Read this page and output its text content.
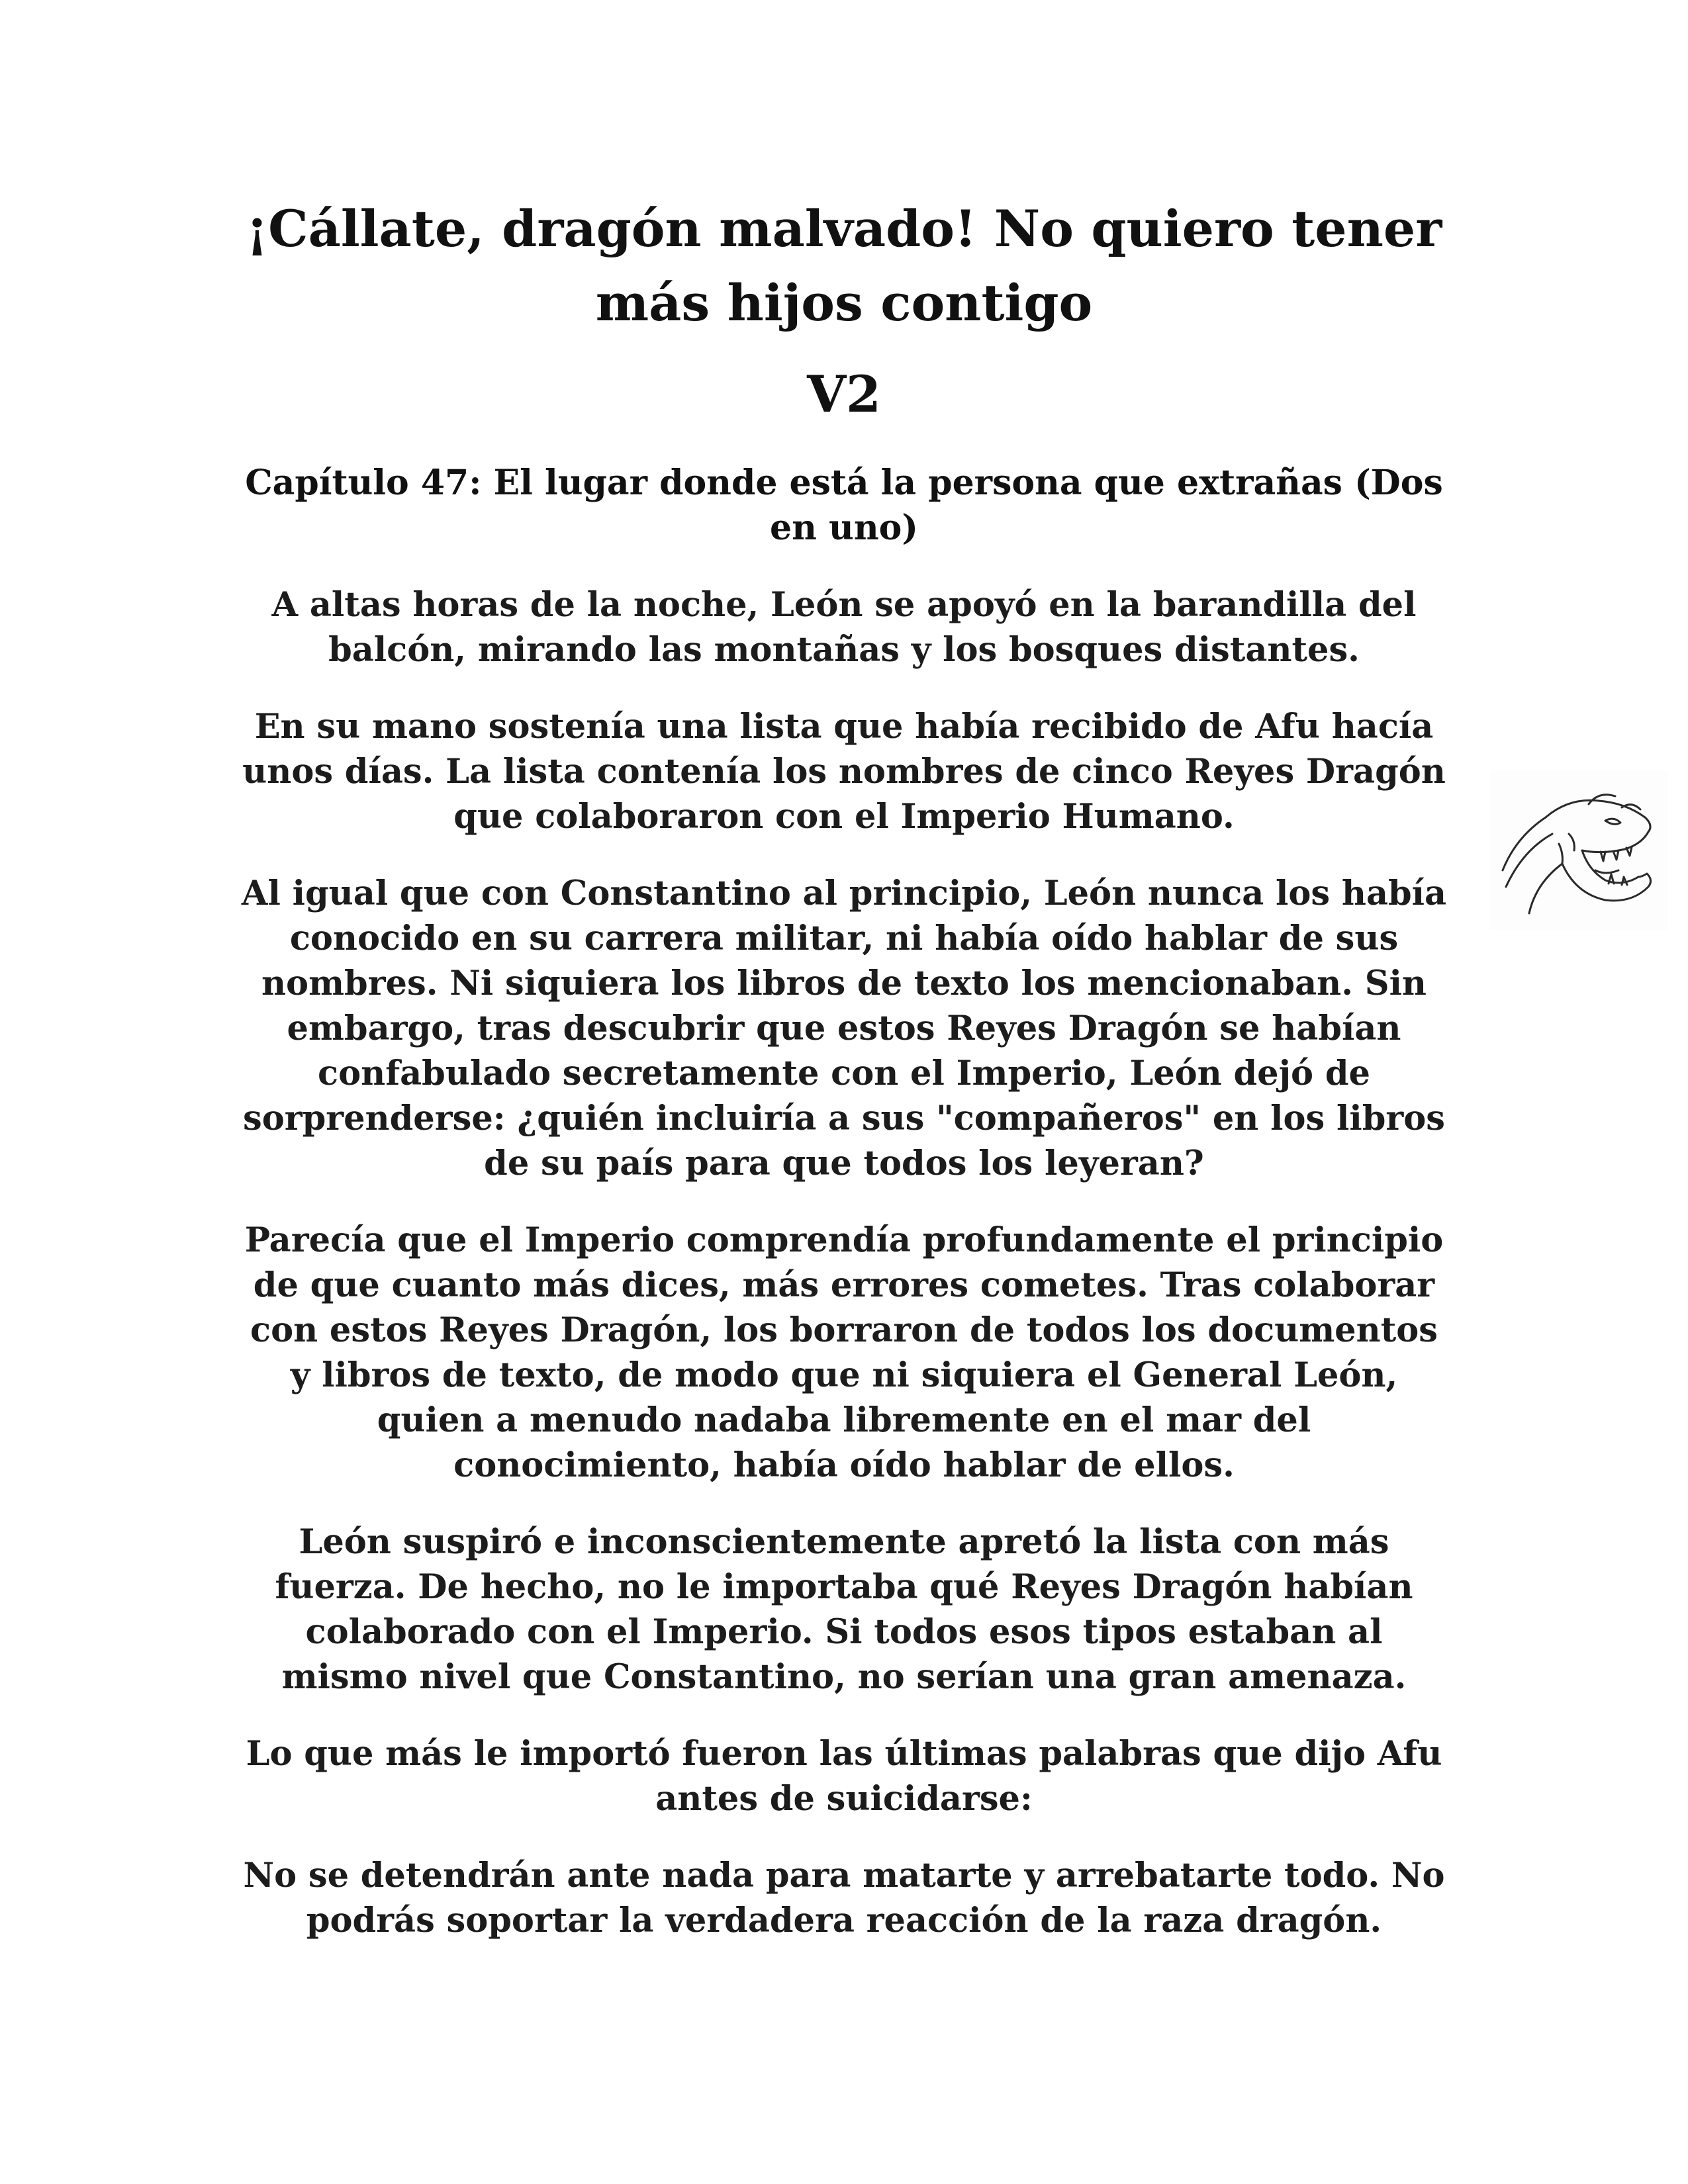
¡Cállate, dragón malvado! No quiero tener más hijos contigo
V2
Capítulo 47: El lugar donde está la persona que extrañas (Dos en uno)

A altas horas de la noche, León se apoyó en la barandilla del balcón, mirando las montañas y los bosques distantes.

En su mano sostenía una lista que había recibido de Afu hacía unos días. La lista contenía los nombres de cinco Reyes Dragón que colaboraron con el Imperio Humano.

Al igual que con Constantino al principio, León nunca los había conocido en su carrera militar, ni había oído hablar de sus nombres. Ni siquiera los libros de texto los mencionaban. Sin embargo, tras descubrir que estos Reyes Dragón se habían confabulado secretamente con el Imperio, León dejó de sorprenderse: ¿quién incluiría a sus "compañeros" en los libros de su país para que todos los leyeran?

Parecía que el Imperio comprendía profundamente el principio de que cuanto más dices, más errores cometes. Tras colaborar con estos Reyes Dragón, los borraron de todos los documentos y libros de texto, de modo que ni siquiera el General León, quien a menudo nadaba libremente en el mar del conocimiento, había oído hablar de ellos.

León suspiró e inconscientemente apretó la lista con más fuerza. De hecho, no le importaba qué Reyes Dragón habían colaborado con el Imperio. Si todos esos tipos estaban al mismo nivel que Constantino, no serían una gran amenaza.

Lo que más le importó fueron las últimas palabras que dijo Afu antes de suicidarse:

No se detendrán ante nada para matarte y arrebatarte todo. No podrás soportar la verdadera reacción de la raza dragón.
